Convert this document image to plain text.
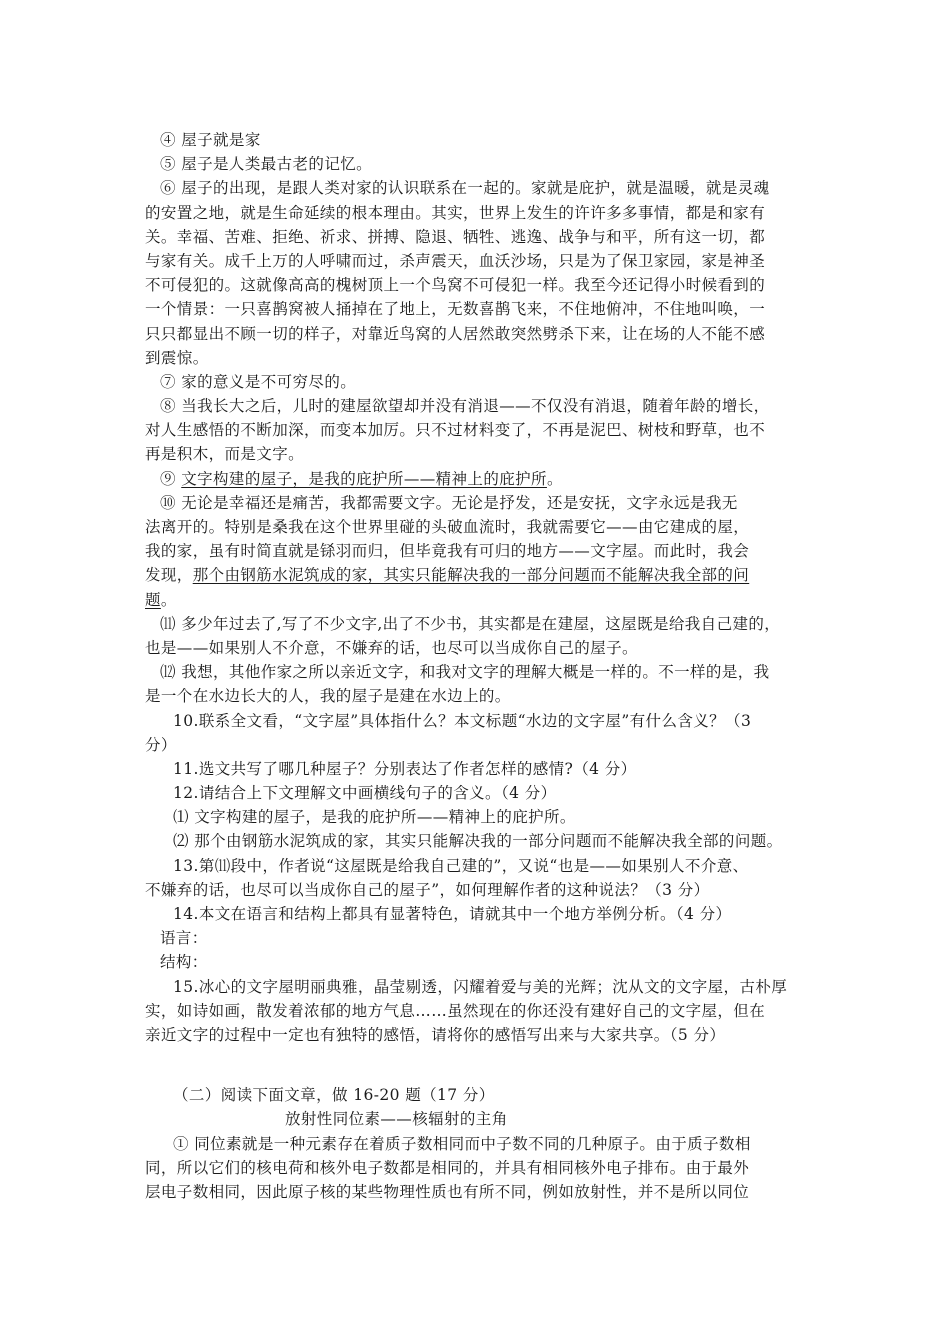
④ 屋子就是家
⑤ 屋子是人类最古老的记忆。
⑥ 屋子的出现，是跟人类对家的认识联系在一起的。家就是庇护，就是温暖，就是灵魂
的安置之地，就是生命延续的根本理由。其实，世界上发生的许许多多事情，都是和家有
关。幸福、苦难、拒绝、祈求、拼搏、隐退、牺牲、逃逸、战争与和平，所有这一切，都
与家有关。成千上万的人呼啸而过，杀声震天，血沃沙场，只是为了保卫家园，家是神圣
不可侵犯的。这就像高高的槐树顶上一个鸟窝不可侵犯一样。我至今还记得小时候看到的
一个情景：一只喜鹊窝被人捅掉在了地上，无数喜鹊飞来，不住地俯冲，不住地叫唤，一
只只都显出不顾一切的样子，对靠近鸟窝的人居然敢突然劈杀下来，让在场的人不能不感
到震惊。
⑦ 家的意义是不可穷尽的。
⑧ 当我长大之后，儿时的建屋欲望却并没有消退——不仅没有消退，随着年龄的增长，
对人生感悟的不断加深，而变本加厉。只不过材料变了，不再是泥巴、树枝和野草，也不
再是积木，而是文字。
⑨ 文字构建的屋子，是我的庇护所——精神上的庇护所。
⑩ 无论是幸福还是痛苦，我都需要文字。无论是抒发，还是安抚，文字永远是我无
法离开的。特别是桑我在这个世界里碰的头破血流时，我就需要它——由它建成的屋，
我的家，虽有时简直就是铩羽而归，但毕竟我有可归的地方——文字屋。而此时，我会
发现，那个由钢筋水泥筑成的家，其实只能解决我的一部分问题而不能解决我全部的问
题。
⑾ 多少年过去了,写了不少文字,出了不少书，其实都是在建屋，这屋既是给我自己建的，
也是——如果别人不介意，不嫌弃的话，也尽可以当成你自己的屋子。
⑿ 我想，其他作家之所以亲近文字，和我对文字的理解大概是一样的。不一样的是，我
是一个在水边长大的人，我的屋子是建在水边上的。
10.联系全文看，“文字屋”具体指什么？本文标题“水边的文字屋”有什么含义？（3
分）
11.选文共写了哪几种屋子？分别表达了作者怎样的感情?（4 分）
12.请结合上下文理解文中画横线句子的含义。（4 分）
⑴ 文字构建的屋子，是我的庇护所——精神上的庇护所。
⑵ 那个由钢筋水泥筑成的家，其实只能解决我的一部分问题而不能解决我全部的问题。
13.第⑾段中，作者说“这屋既是给我自己建的”，又说“也是——如果别人不介意、
不嫌弃的话，也尽可以当成你自己的屋子”，如何理解作者的这种说法？（3 分）
14.本文在语言和结构上都具有显著特色，请就其中一个地方举例分析。（4 分）
语言：
结构：
15.冰心的文字屋明丽典雅，晶莹剔透，闪耀着爱与美的光辉；沈从文的文字屋，古朴厚
实，如诗如画，散发着浓郁的地方气息……虽然现在的你还没有建好自己的文字屋，但在
亲近文字的过程中一定也有独特的感悟，请将你的感悟写出来与大家共享。（5 分）
（二）阅读下面文章，做 16-20 题（17 分）
放射性同位素——核辐射的主角
① 同位素就是一种元素存在着质子数相同而中子数不同的几种原子。由于质子数相
同，所以它们的核电荷和核外电子数都是相同的，并具有相同核外电子排布。由于最外
层电子数相同，因此原子核的某些物理性质也有所不同，例如放射性，并不是所以同位
